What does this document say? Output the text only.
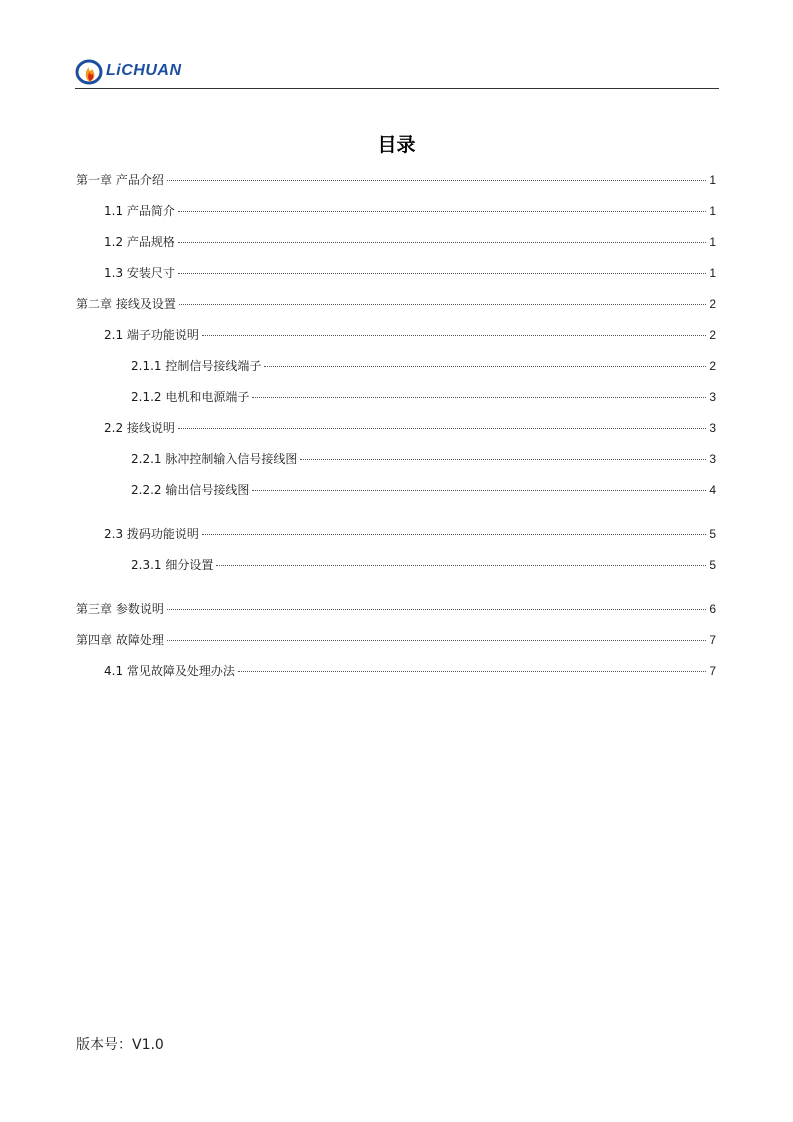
LiCHUAN
目录
第一章 产品介绍	1
1.1 产品简介	1
1.2 产品规格	1
1.3 安装尺寸	1
第二章 接线及设置	2
2.1 端子功能说明	2
2.1.1 控制信号接线端子	2
2.1.2 电机和电源端子	3
2.2 接线说明	3
2.2.1 脉冲控制输入信号接线图	3
2.2.2 输出信号接线图	4
2.3 拨码功能说明	5
2.3.1 细分设置	5
第三章 参数说明	6
第四章 故障处理	7
4.1 常见故障及处理办法	7
版本号：V1.0
